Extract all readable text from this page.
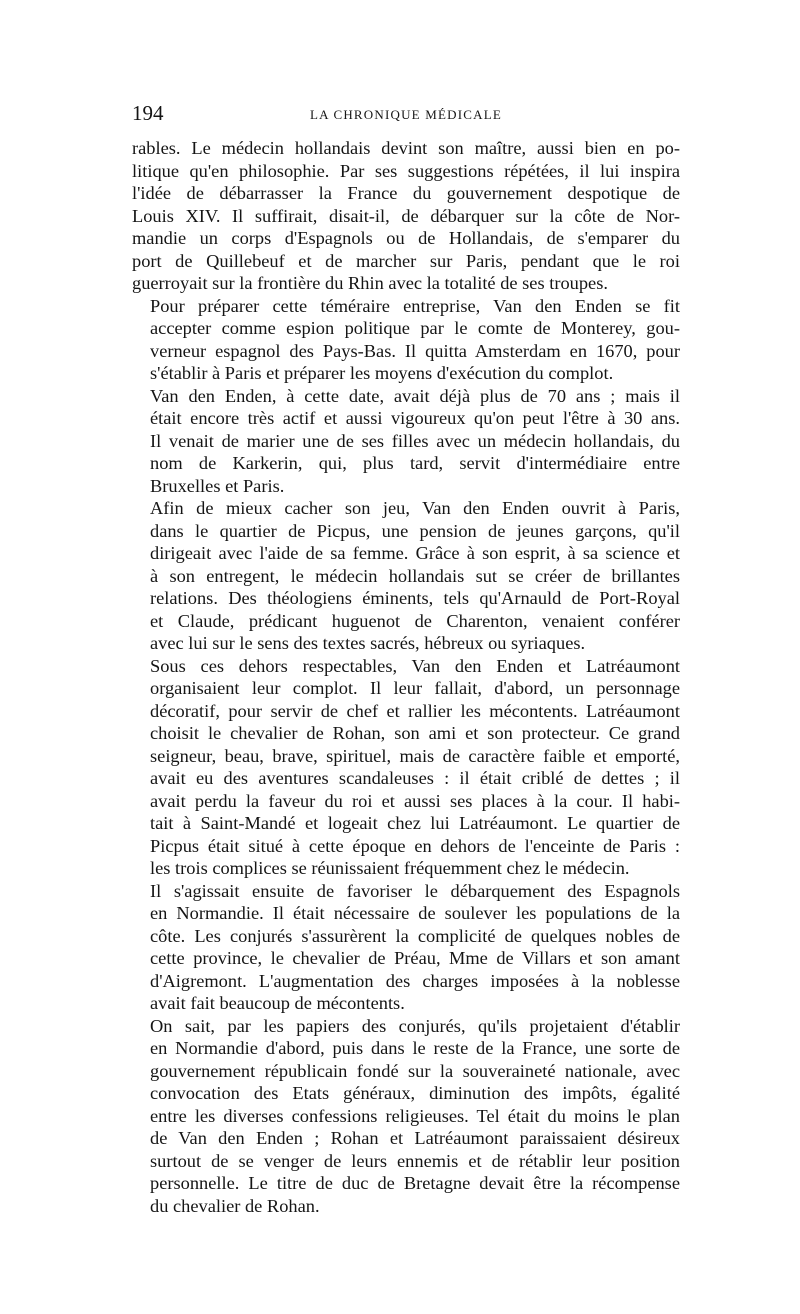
194	LA CHRONIQUE MÉDICALE

rables. Le médecin hollandais devint son maître, aussi bien en po-
litique qu'en philosophie. Par ses suggestions répétées, il lui inspira
l'idée de débarrasser la France du gouvernement despotique de
Louis XIV. Il suffirait, disait-il, de débarquer sur la côte de Nor-
mandie un corps d'Espagnols ou de Hollandais, de s'emparer du
port de Quillebeuf et de marcher sur Paris, pendant que le roi
guerroyait sur la frontière du Rhin avec la totalité de ses troupes.

Pour préparer cette téméraire entreprise, Van den Enden se fit
accepter comme espion politique par le comte de Monterey, gou-
verneur espagnol des Pays-Bas. Il quitta Amsterdam en 1670, pour
s'établir à Paris et préparer les moyens d'exécution du complot.

Van den Enden, à cette date, avait déjà plus de 70 ans ; mais il
était encore très actif et aussi vigoureux qu'on peut l'être à 30 ans.
Il venait de marier une de ses filles avec un médecin hollandais, du
nom de Karkerin, qui, plus tard, servit d'intermédiaire entre
Bruxelles et Paris.

Afin de mieux cacher son jeu, Van den Enden ouvrit à Paris,
dans le quartier de Picpus, une pension de jeunes garçons, qu'il
dirigeait avec l'aide de sa femme. Grâce à son esprit, à sa science et
à son entregent, le médecin hollandais sut se créer de brillantes
relations. Des théologiens éminents, tels qu'Arnauld de Port-Royal
et Claude, prédicant huguenot de Charenton, venaient conférer
avec lui sur le sens des textes sacrés, hébreux ou syriaques.

Sous ces dehors respectables, Van den Enden et Latréaumont
organisaient leur complot. Il leur fallait, d'abord, un personnage
décoratif, pour servir de chef et rallier les mécontents. Latréaumont
choisit le chevalier de Rohan, son ami et son protecteur. Ce grand
seigneur, beau, brave, spirituel, mais de caractère faible et emporté,
avait eu des aventures scandaleuses : il était criblé de dettes ; il
avait perdu la faveur du roi et aussi ses places à la cour. Il habi-
tait à Saint-Mandé et logeait chez lui Latréaumont. Le quartier de
Picpus était situé à cette époque en dehors de l'enceinte de Paris :
les trois complices se réunissaient fréquemment chez le médecin.

Il s'agissait ensuite de favoriser le débarquement des Espagnols
en Normandie. Il était nécessaire de soulever les populations de la
côte. Les conjurés s'assurèrent la complicité de quelques nobles de
cette province, le chevalier de Préau, Mme de Villars et son amant
d'Aigremont. L'augmentation des charges imposées à la noblesse
avait fait beaucoup de mécontents.

On sait, par les papiers des conjurés, qu'ils projetaient d'établir
en Normandie d'abord, puis dans le reste de la France, une sorte de
gouvernement républicain fondé sur la souveraineté nationale, avec
convocation des Etats généraux, diminution des impôts, égalité
entre les diverses confessions religieuses. Tel était du moins le plan
de Van den Enden ; Rohan et Latréaumont paraissaient désireux
surtout de se venger de leurs ennemis et de rétablir leur position
personnelle. Le titre de duc de Bretagne devait être la récompense
du chevalier de Rohan.
